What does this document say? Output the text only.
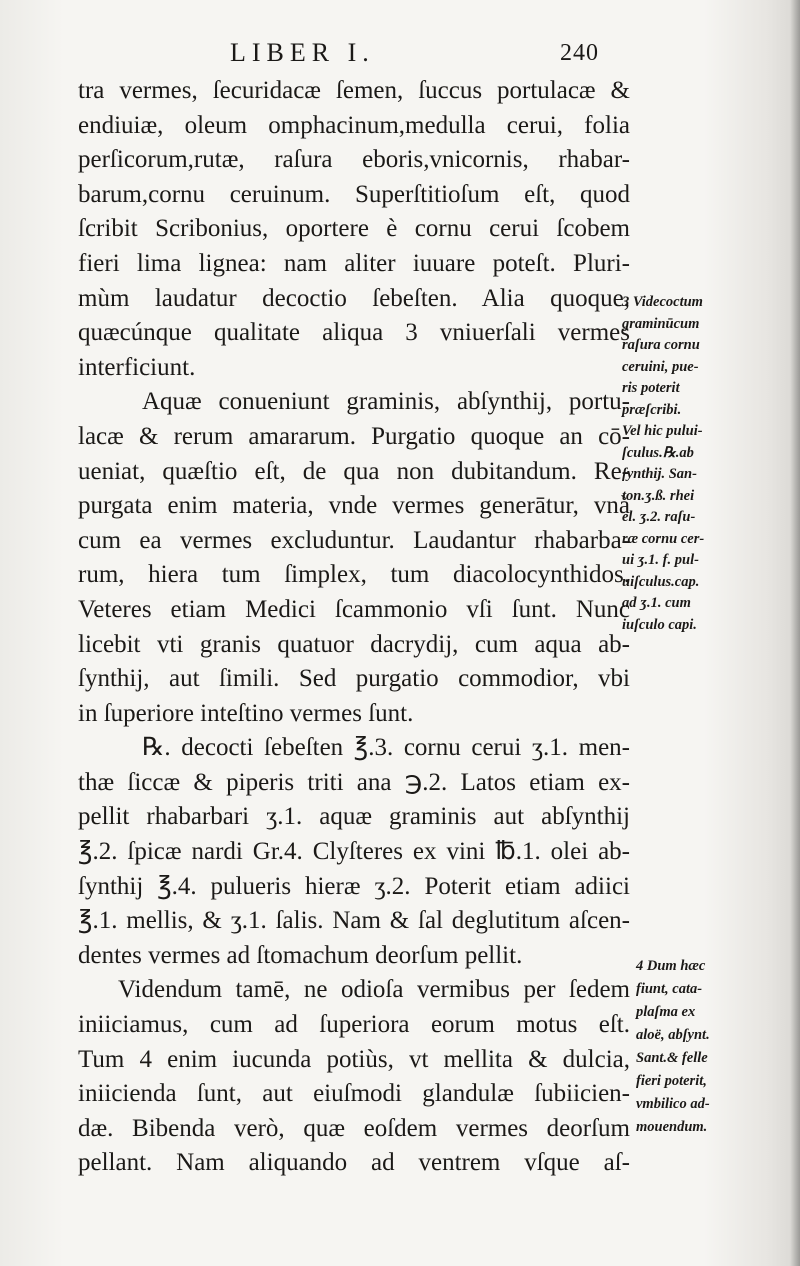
LIBER I.	240
tra vermes, ſecuridacæ ſemen, ſuccus portulacæ &
endiuiæ, oleum omphacinum,medulla cerui, folia
perſicorum,rutæ, raſura eboris,vnicornis, rhabar-
barum,cornu ceruinum. Superſtitioſum eſt, quod
ſcribit Scribonius, oportere è cornu cerui ſcobem
fieri lima lignea: nam aliter iuuare poteſt. Pluri-
mùm laudatur decoctio ſebeſten. Alia quoque,
quæcúnque qualitate aliqua 3 vniuerſali vermes
interficiunt.
Aquæ conueniunt graminis, abſynthij, portu-
lacæ & rerum amararum. Purgatio quoque an cō-
ueniat, quæſtio eſt, de qua non dubitandum. Re-
purgata enim materia, vnde vermes generātur, vnà
cum ea vermes excluduntur. Laudantur rhabarba-
rum, hiera tum ſimplex, tum diacolocynthidos.
Veteres etiam Medici ſcammonio vſi ſunt. Nunc
licebit vti granis quatuor dacrydij, cum aqua ab-
ſynthij, aut ſimili. Sed purgatio commodior, vbi
in ſuperiore inteſtino vermes ſunt.
℞. decocti ſebeſten ℥.3. cornu cerui ʒ.1. men-
thæ ſiccæ & piperis triti ana ℈.2. Latos etiam ex-
pellit rhabarbari ʒ.1. aquæ graminis aut abſynthij
℥.2. ſpicæ nardi Gr.4. Clyſteres ex vini ℔.1. olei ab-
ſynthij ℥.4. pulueris hieræ ʒ.2. Poterit etiam adiici
℥.1. mellis, & ʒ.1. ſalis. Nam & ſal deglutitum aſcen-
dentes vermes ad ſtomachum deorſum pellit.
Videndum tamē, ne odioſa vermibus per ſedem
iniiciamus, cum ad ſuperiora eorum motus eſt.
Tum 4 enim iucunda potiùs, vt mellita & dulcia,
iniicienda ſunt, aut eiuſmodi glandulæ ſubiicien-
dæ. Bibenda verò, quæ eoſdem vermes deorſum
pellant. Nam aliquando ad ventrem vſque aſ-
3 Videcoctum
graminūcum
raſura cornu
ceruini, pue-
ris poterit
præſcribi.
Vel hic pului-
ſculus.℞.ab
ſynthij. San-
ton.ʒ.ß. rhei
el. ʒ.2. raſu-
ræ cornu cer-
ui ʒ.1. f. pul-
uiſculus.cap.
ad ʒ.1. cum
iuſculo capi.
4 Dum hæc
fiunt, cata-
plaſma ex
aloë, abſynt.
Sant.& felle
fieri poterit,
vmbilico ad-
mouendum.
